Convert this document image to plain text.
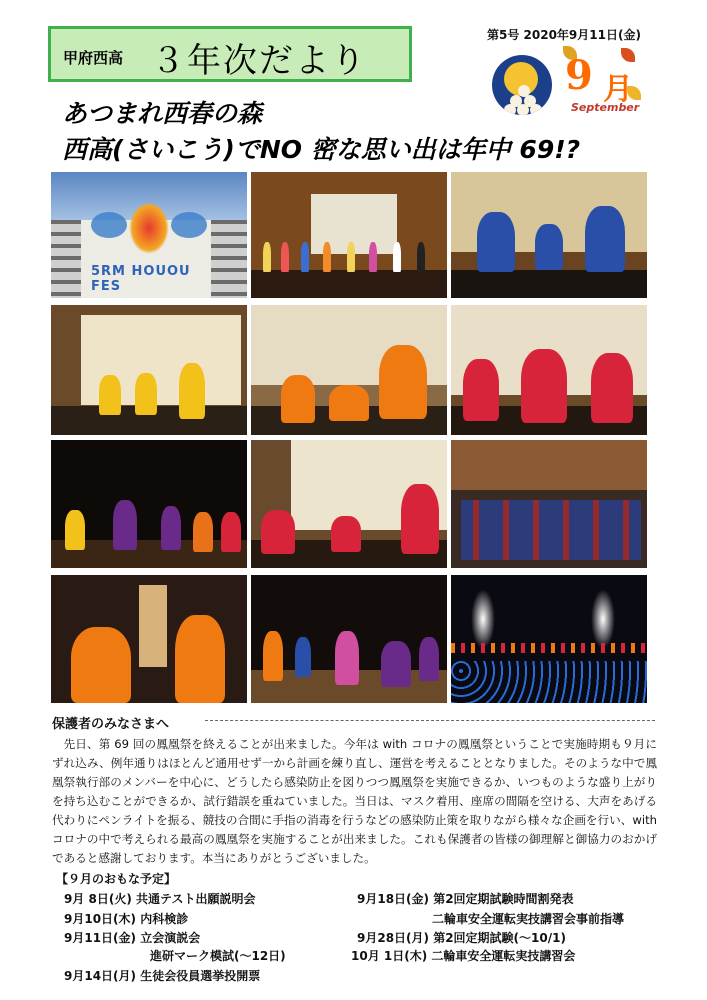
甲府西高 ３年次だより
第5号 2020年9月11日(金)
9 月
September
あつまれ西春の森
西高(さいこう)でNO 密な思い出は年中 69!?
5RM HOUOU FES
保護者のみなさまへ
先日、第 69 回の鳳凰祭を終えることが出来ました。今年は with コロナの鳳凰祭ということで実施時期も９月にずれ込み、例年通りはほとんど通用せず一から計画を練り直し、運営を考えることとなりました。そのような中で鳳凰祭執行部のメンバーを中心に、どうしたら感染防止を図りつつ鳳凰祭を実施できるか、いつものような盛り上がりを持ち込むことができるか、試行錯誤を重ねていました。当日は、マスク着用、座席の間隔を空ける、大声をあげる代わりにペンライトを振る、競技の合間に手指の消毒を行うなどの感染防止策を取りながら様々な企画を行い、with コロナの中で考えられる最高の鳳凰祭を実施することが出来ました。これも保護者の皆様の御理解と御協力のおかげであると感謝しております。本当にありがとうございました。
【９月のおもな予定】
9月 8日(火) 共通テスト出願説明会
9月10日(木) 内科検診
9月11日(金) 立会演説会
進研マーク模試(～12日)
9月14日(月) 生徒会役員選挙投開票
9月18日(金) 第2回定期試験時間割発表
二輪車安全運転実技講習会事前指導
9月28日(月) 第2回定期試験(～10/1)
10月 1日(木) 二輪車安全運転実技講習会
